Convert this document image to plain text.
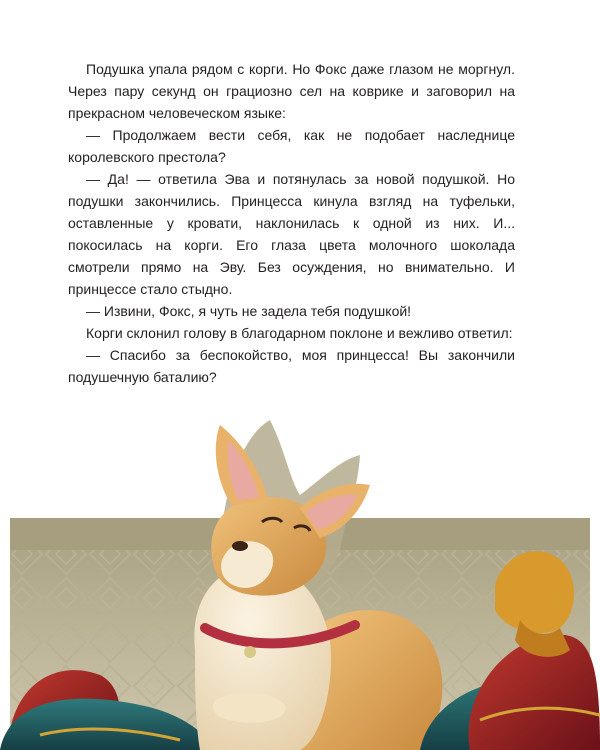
Подушка упала рядом с корги. Но Фокс даже глазом не моргнул. Через пару секунд он грациозно сел на коврике и заговорил на прекрасном человеческом языке:

— Продолжаем вести себя, как не подобает наследнице королевского престола?

— Да! — ответила Эва и потянулась за новой подушкой. Но подушки закончились. Принцесса кинула взгляд на туфельки, оставленные у кровати, наклонилась к одной из них. И... покосилась на корги. Его глаза цвета молочного шоколада смотрели прямо на Эву. Без осуждения, но внимательно. И принцессе стало стыдно.

— Извини, Фокс, я чуть не задела тебя подушкой!

Корги склонил голову в благодарном поклоне и вежливо ответил:

— Спасибо за беспокойство, моя принцесса! Вы закончили подушечную баталию?
